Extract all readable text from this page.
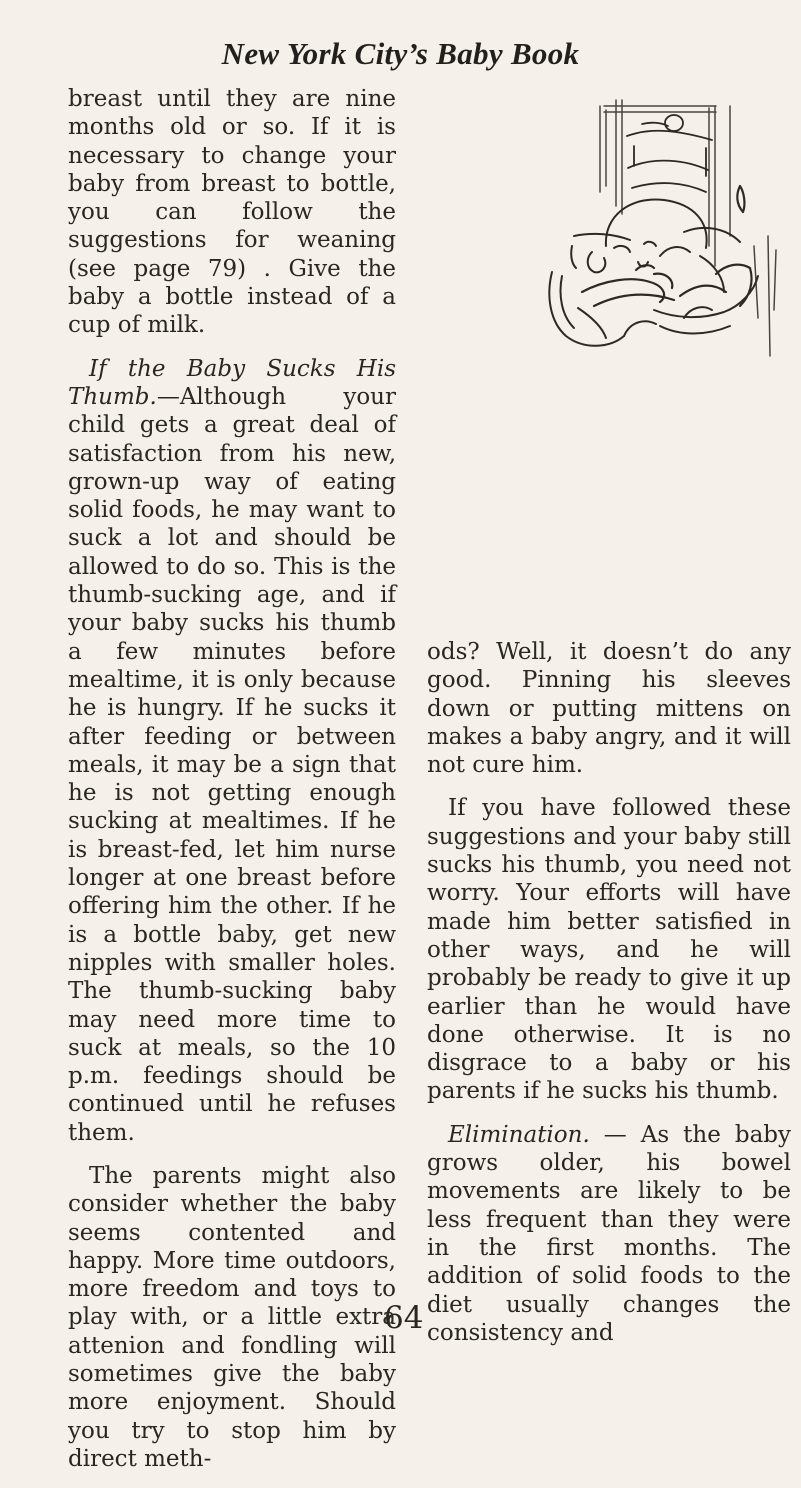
New York City’s Baby Book

breast until they are nine months old or so. If it is necessary to change your baby from breast to bottle, you can follow the suggestions for weaning (see page 79) . Give the baby a bottle instead of a cup of milk.

If the Baby Sucks His Thumb.—Although your child gets a great deal of satisfaction from his new, grown-up way of eating solid foods, he may want to suck a lot and should be allowed to do so. This is the thumb-sucking age, and if your baby sucks his thumb a few minutes before mealtime, it is only because he is hungry. If he sucks it after feeding or between meals, it may be a sign that he is not getting enough sucking at mealtimes. If he is breast-fed, let him nurse longer at one breast before offering him the other. If he is a bottle baby, get new nipples with smaller holes. The thumb-sucking baby may need more time to suck at meals, so the 10 p.m. feedings should be continued until he refuses them.

The parents might also consider whether the baby seems contented and happy. More time outdoors, more freedom and toys to play with, or a little extra attenion and fondling will sometimes give the baby more enjoyment. Should you try to stop him by direct meth-

ods? Well, it doesn’t do any good. Pinning his sleeves down or putting mittens on makes a baby angry, and it will not cure him.

If you have followed these suggestions and your baby still sucks his thumb, you need not worry. Your efforts will have made him better satisfied in other ways, and he will probably be ready to give it up earlier than he would have done otherwise. It is no disgrace to a baby or his parents if he sucks his thumb.

Elimination. — As the baby grows older, his bowel movements are likely to be less frequent than they were in the first months. The addition of solid foods to the diet usually changes the consistency and

64
